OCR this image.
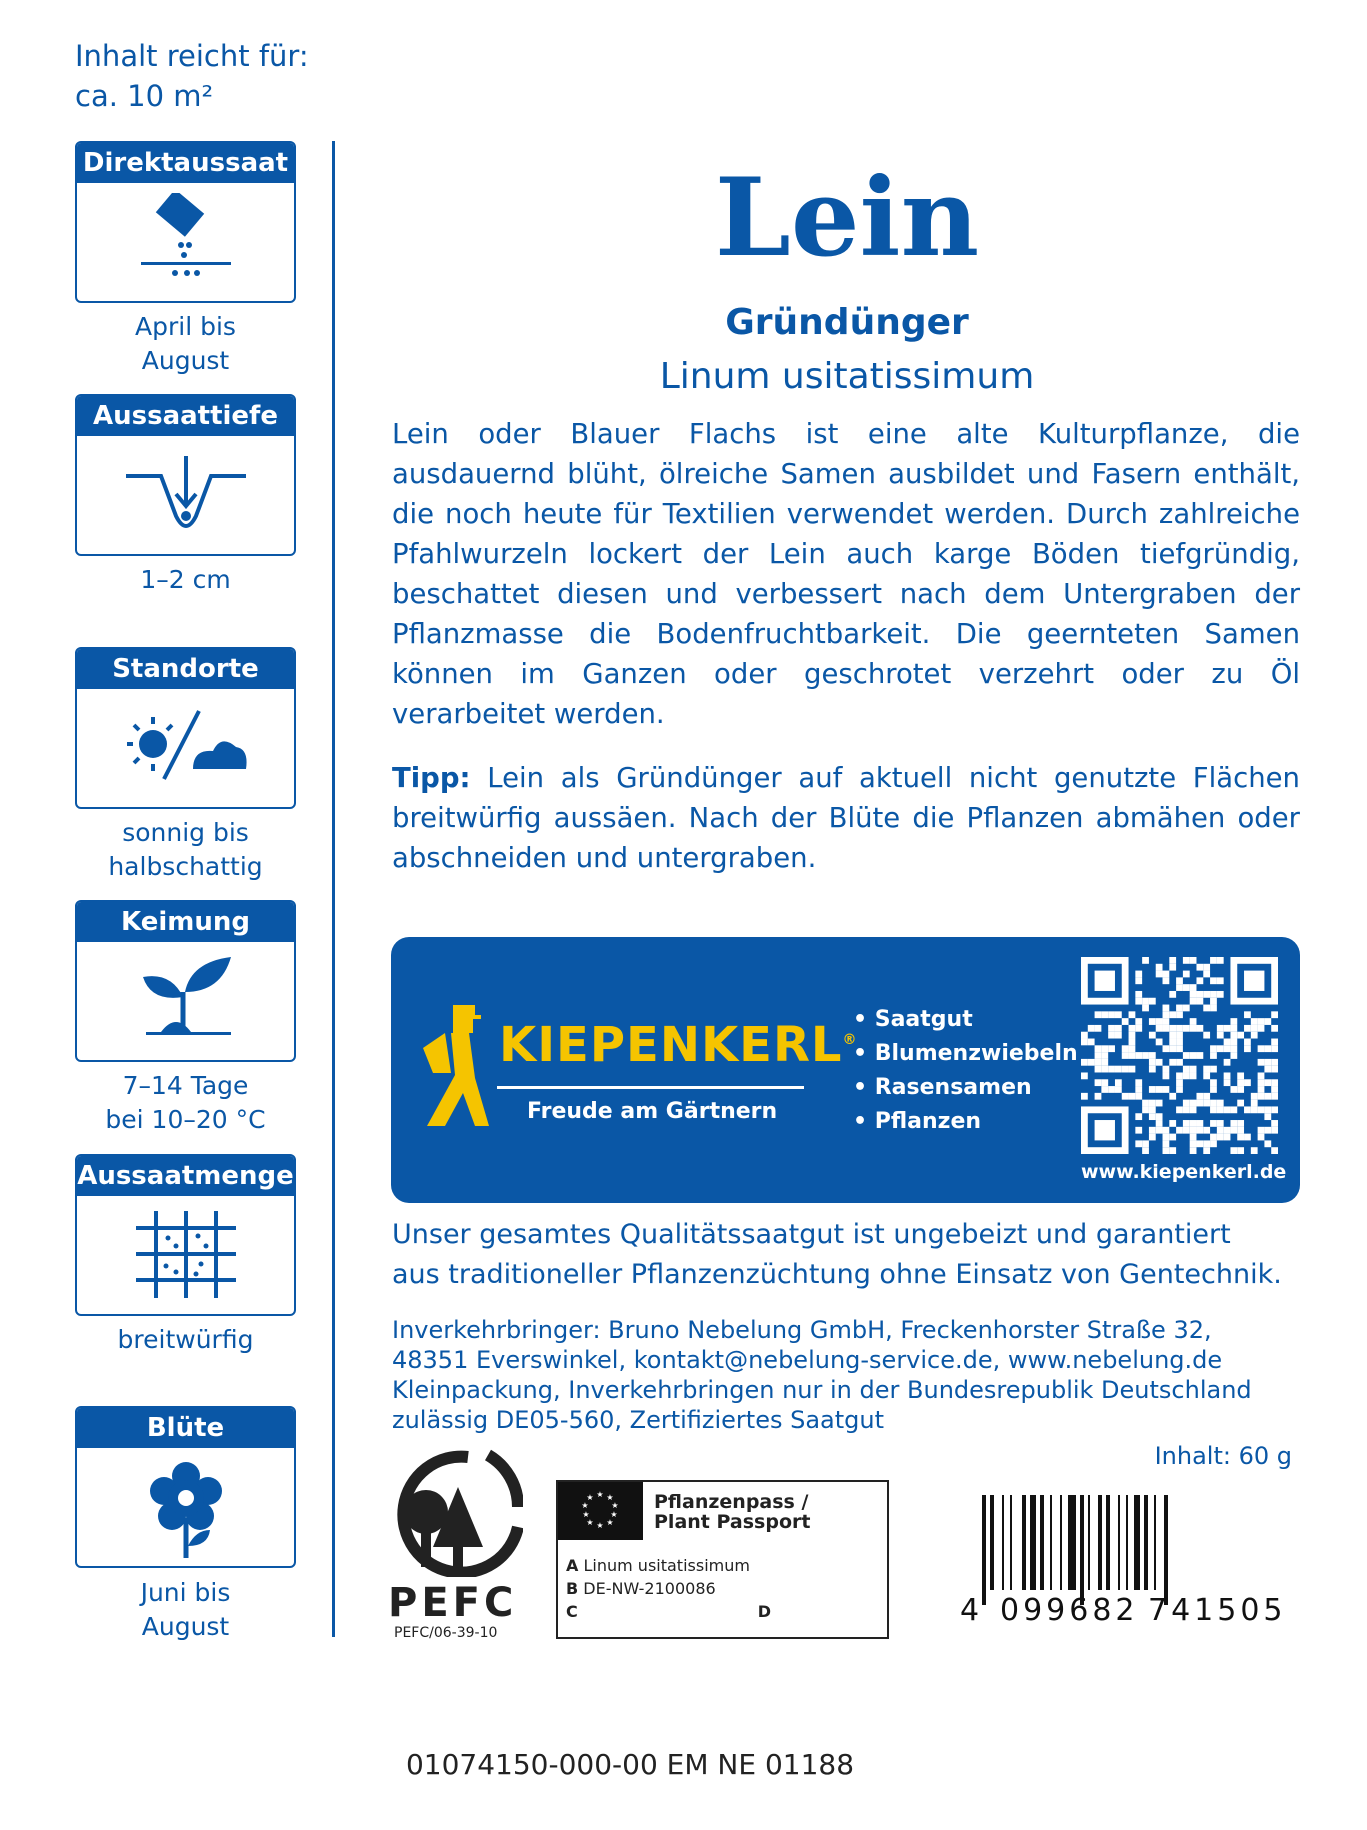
Inhalt reicht für:
ca. 10 m²
Direktaussaat
April bis
August
Aussaattiefe
1–2 cm
Standorte
sonnig bis
halbschattig
Keimung
7–14 Tage
bei 10–20 °C
Aussaatmenge
breitwürfig
Blüte
Juni bis
August
Lein
Gründünger
Linum usitatissimum
Lein oder Blauer Flachs ist eine alte Kulturpflanze, die ausdauernd blüht, ölreiche Samen ausbildet und Fasern enthält, die noch heute für Textilien verwendet werden. Durch zahlreiche Pfahlwurzeln lockert der Lein auch karge Böden tiefgründig, beschattet diesen und verbessert nach dem Untergraben der Pflanzmasse die Bodenfruchtbarkeit. Die geernteten Samen können im Ganzen oder geschrotet verzehrt oder zu Öl verarbeitet werden.
Tipp: Lein als Gründünger auf aktuell nicht genutzte Flächen breitwürfig aussäen. Nach der Blüte die Pflanzen abmähen oder abschneiden und untergraben.
KIEPENKERL®
Freude am Gärtnern
• Saatgut
• Blumenzwiebeln
• Rasensamen
• Pflanzen
www.kiepenkerl.de
Unser gesamtes Qualitätssaatgut ist ungebeizt und garantiert
aus traditioneller Pflanzenzüchtung ohne Einsatz von Gentechnik.
Inverkehrbringer: Bruno Nebelung GmbH, Freckenhorster Straße 32,
48351 Everswinkel, kontakt@nebelung-service.de, www.nebelung.de
Kleinpackung, Inverkehrbringen nur in der Bundesrepublik Deutschland
zulässig DE05-560, Zertifiziertes Saatgut
PEFC
PEFC/06-39-10
★ ★
★
★
★
★
★
★
★
★	Pflanzenpass /
Plant Passport
A Linum usitatissimum
B DE-NW-2100086
C	D
Inhalt: 60 g
4 099682 741505
01074150-000-00 EM NE 01188
